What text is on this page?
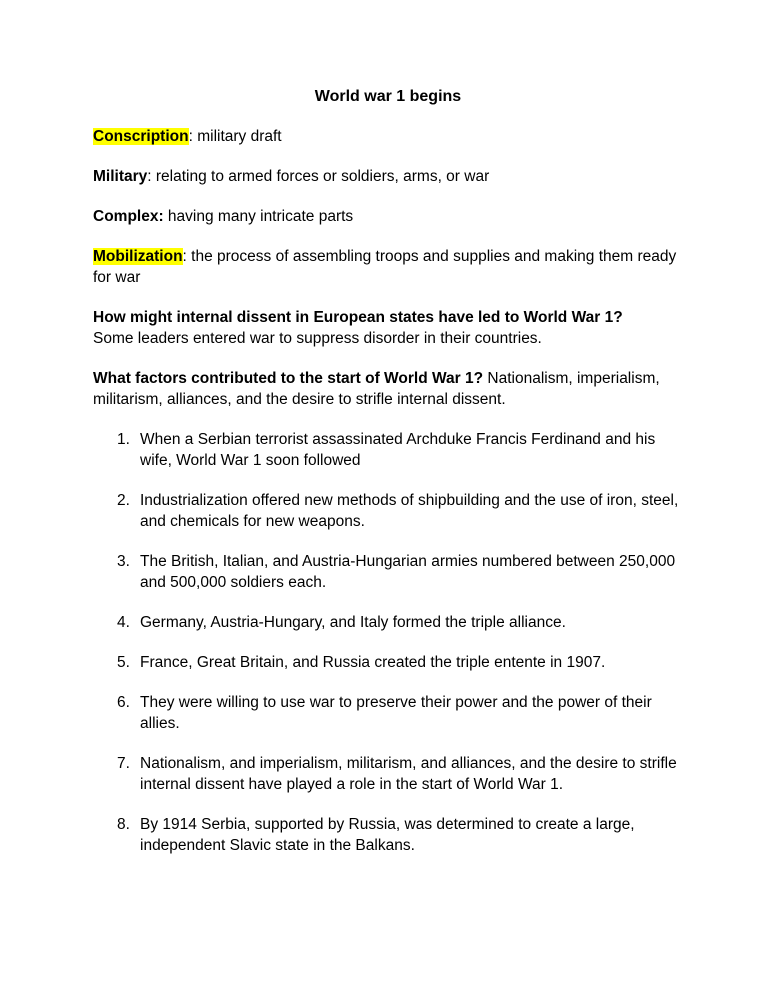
World war 1 begins
Conscription: military draft
Military: relating to armed forces or soldiers, arms, or war
Complex: having many intricate parts
Mobilization: the process of assembling troops and supplies and making them ready for war
How might internal dissent in European states have led to World War 1?
Some leaders entered war to suppress disorder in their countries.
What factors contributed to the start of World War 1? Nationalism, imperialism, militarism, alliances, and the desire to strifle internal dissent.
1. When a Serbian terrorist assassinated Archduke Francis Ferdinand and his wife, World War 1 soon followed
2. Industrialization offered new methods of shipbuilding and the use of iron, steel, and chemicals for new weapons.
3. The British, Italian, and Austria-Hungarian armies numbered between 250,000 and 500,000 soldiers each.
4. Germany, Austria-Hungary, and Italy formed the triple alliance.
5. France, Great Britain, and Russia created the triple entente in 1907.
6. They were willing to use war to preserve their power and the power of their allies.
7. Nationalism, and imperialism, militarism, and alliances, and the desire to strifle internal dissent have played a role in the start of World War 1.
8. By 1914 Serbia, supported by Russia, was determined to create a large, independent Slavic state in the Balkans.
